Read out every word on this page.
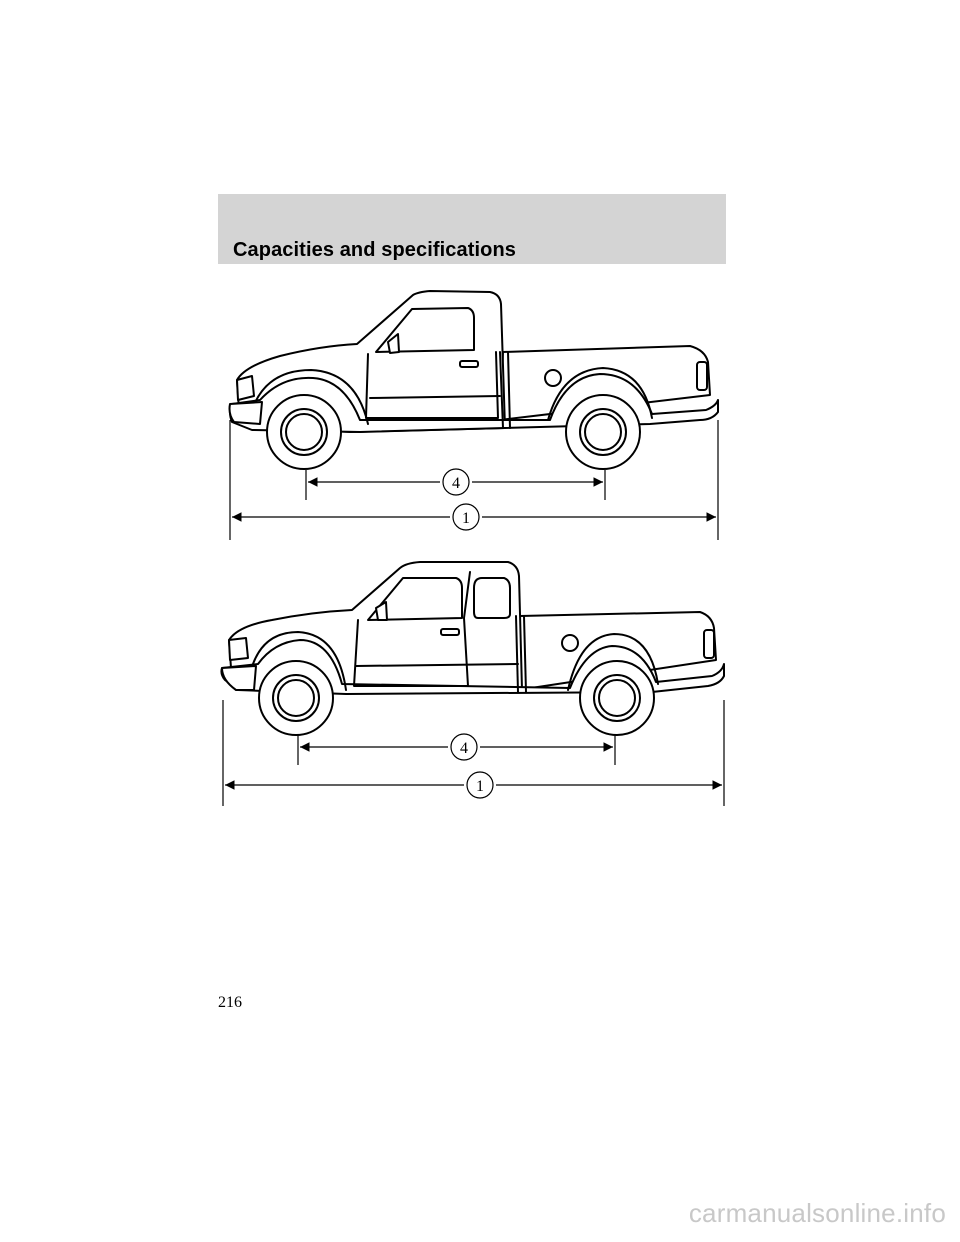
Capacities and specifications
4
1
4
1
216
carmanualsonline.info
